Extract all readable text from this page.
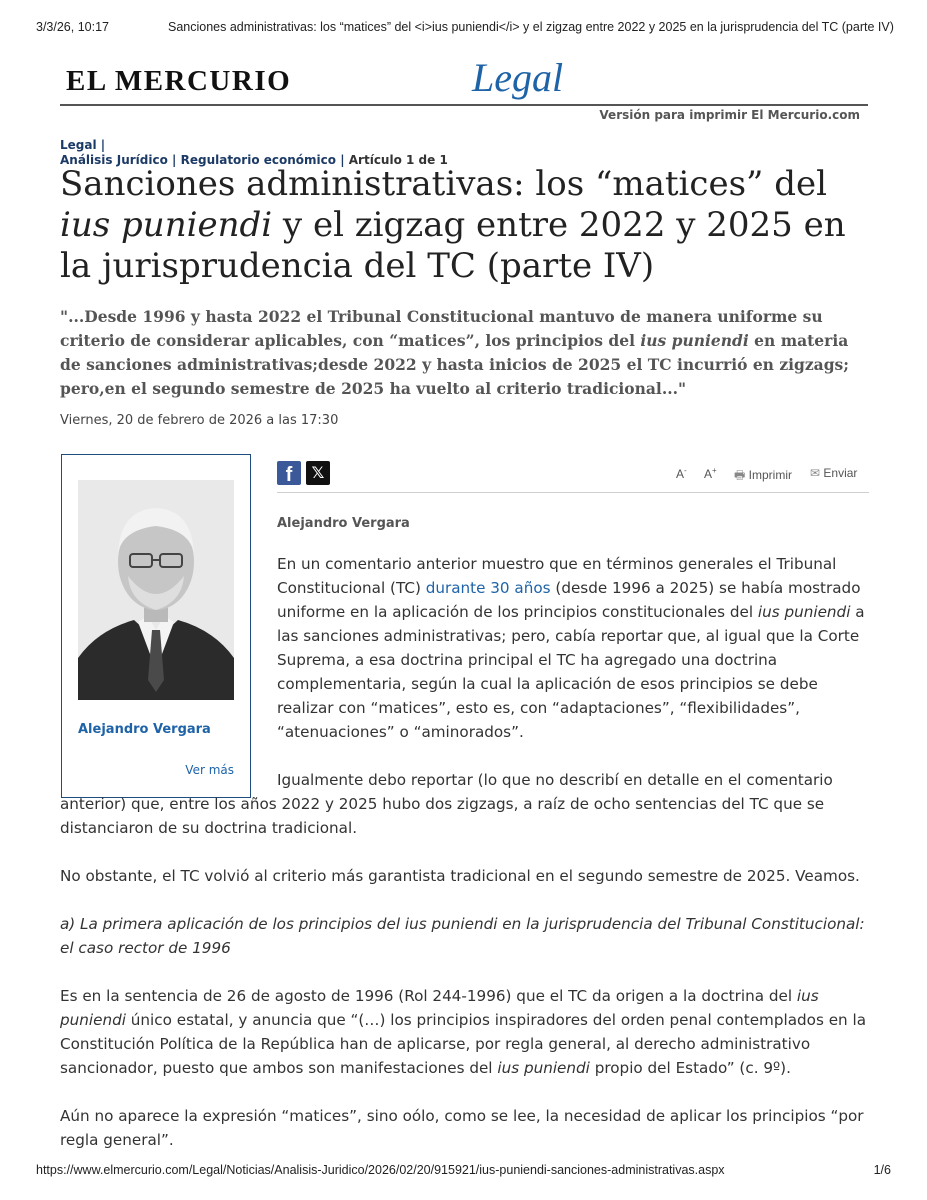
3/3/26, 10:17	Sanciones administrativas: los “matices” del <i>ius puniendi</i> y el zigzag entre 2022 y 2025 en la jurisprudencia del TC (parte IV)
EL MERCURIO	Legal
Versión para imprimir El Mercurio.com
Legal |
Análisis Jurídico | Regulatorio económico | Artículo 1 de 1
Sanciones administrativas: los “matices” del ius puniendi y el zigzag entre 2022 y 2025 en la jurisprudencia del TC (parte IV)

"...Desde 1996 y hasta 2022 el Tribunal Constitucional mantuvo de manera uniforme su criterio de considerar aplicables, con “matices”, los principios del ius puniendi en materia de sanciones administrativas;desde 2022 y hasta inicios de 2025 el TC incurrió en zigzags; pero,en el segundo semestre de 2025 ha vuelto al criterio tradicional..."

Viernes, 20 de febrero de 2026 a las 17:30
Alejandro Vergara
Ver más
f	𝕏	A- A+ 🖶 Imprimir ✉ Enviar
Alejandro Vergara

En un comentario anterior muestro que en términos generales el Tribunal Constitucional (TC) durante 30 años (desde 1996 a 2025) se había mostrado uniforme en la aplicación de los principios constitucionales del ius puniendi a las sanciones administrativas; pero, cabía reportar que, al igual que la Corte Suprema, a esa doctrina principal el TC ha agregado una doctrina complementaria, según la cual la aplicación de esos principios se debe realizar con “matices”, esto es, con “adaptaciones”, “flexibilidades”, “atenuaciones” o “aminorados”.

Igualmente debo reportar (lo que no describí en detalle en el comentario anterior) que, entre los años 2022 y 2025 hubo dos zigzags, a raíz de ocho sentencias del TC que se distanciaron de su doctrina tradicional.

No obstante, el TC volvió al criterio más garantista tradicional en el segundo semestre de 2025. Veamos.

a) La primera aplicación de los principios del ius puniendi en la jurisprudencia del Tribunal Constitucional: el caso rector de 1996

Es en la sentencia de 26 de agosto de 1996 (Rol 244-1996) que el TC da origen a la doctrina del ius puniendi único estatal, y anuncia que “(…) los principios inspiradores del orden penal contemplados en la Constitución Política de la República han de aplicarse, por regla general, al derecho administrativo sancionador, puesto que ambos son manifestaciones del ius puniendi propio del Estado” (c. 9º).

Aún no aparece la expresión “matices”, sino oólo, como se lee, la necesidad de aplicar los principios “por regla general”.

https://www.elmercurio.com/Legal/Noticias/Analisis-Juridico/2026/02/20/915921/ius-puniendi-sanciones-administrativas.aspx	1/6
